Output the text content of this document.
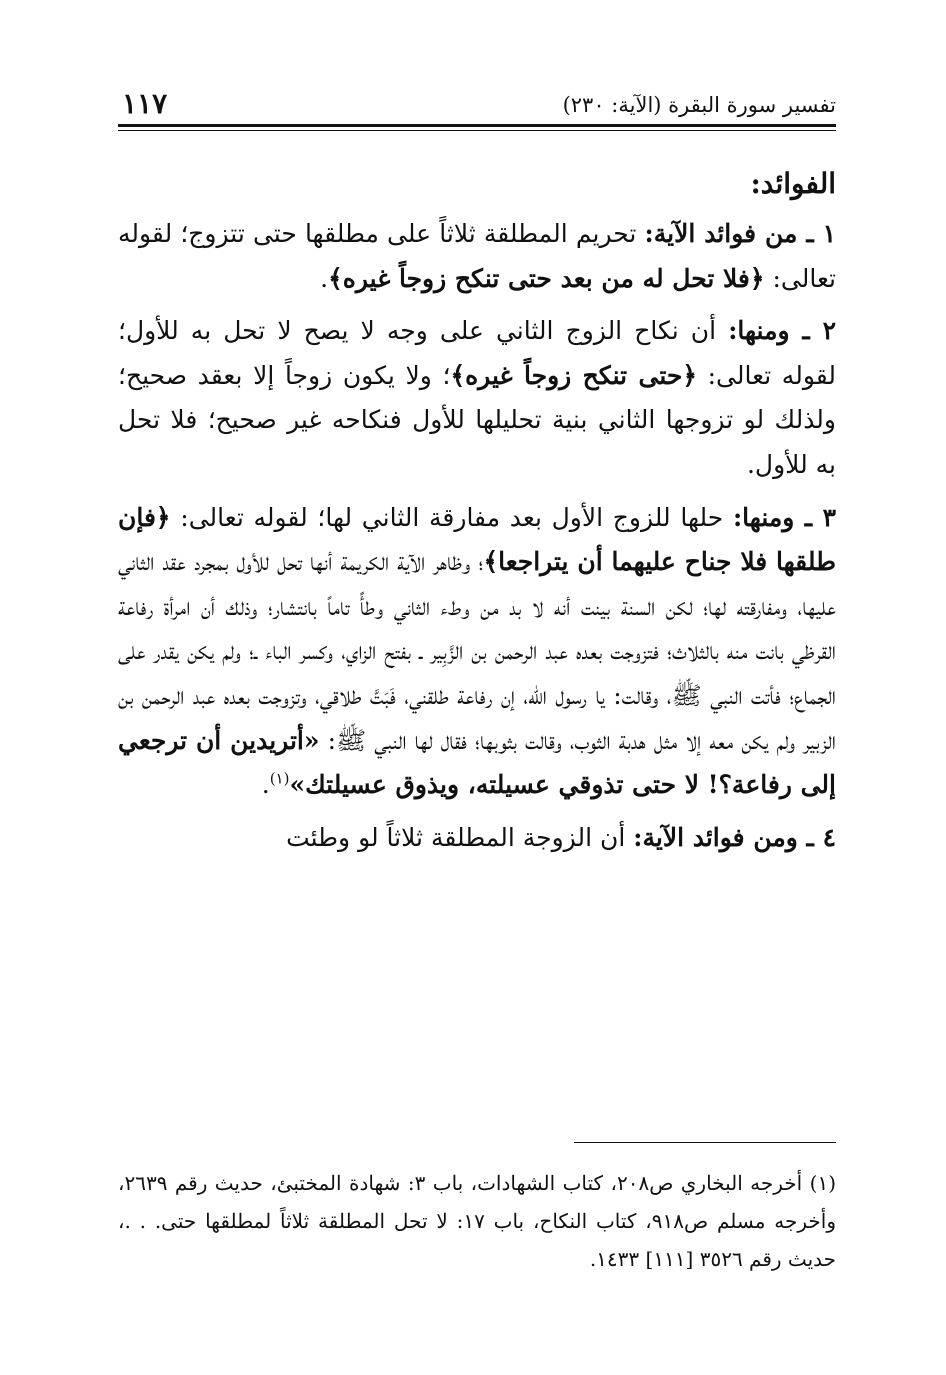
تفسير سورة البقرة (الآية: ٢٣٠)
١١٧
الفوائد:

١ ـ من فوائد الآية: تحريم المطلقة ثلاثاً على مطلقها حتى تتزوج؛ لقوله تعالى: ﴿فلا تحل له من بعد حتى تنكح زوجاً غيره﴾.

٢ ـ ومنها: أن نكاح الزوج الثاني على وجه لا يصح لا تحل به للأول؛ لقوله تعالى: ﴿حتى تنكح زوجاً غيره﴾؛ ولا يكون زوجاً إلا بعقد صحيح؛ ولذلك لو تزوجها الثاني بنية تحليلها للأول فنكاحه غير صحيح؛ فلا تحل به للأول.

٣ ـ ومنها: حلها للزوج الأول بعد مفارقة الثاني لها؛ لقوله تعالى: ﴿فإن طلقها فلا جناح عليهما أن يتراجعا﴾؛ وظاهر الآية الكريمة أنها تحل للأول بمجرد عقد الثاني عليها، ومفارقته لها؛ لكن السنة بينت أنه لا بد من وطء الثاني وطأً تاماً بانتشار؛ وذلك أن امرأة رفاعة القرظي بانت منه بالثلاث؛ فتزوجت بعده عبد الرحمن بن الزَّبِير ـ بفتح الزاي، وكسر الباء ـ؛ ولم يكن يقدر على الجماع؛ فأتت النبي ﷺ، وقالت: يا رسول الله، إن رفاعة طلقني، فَبَتَّ طلاقي، وتزوجت بعده عبد الرحمن بن الزبير ولم يكن معه إلا مثل هدبة الثوب، وقالت بثوبها؛ فقال لها النبي ﷺ: «أتريدين أن ترجعي إلى رفاعة؟! لا حتى تذوقي عسيلته، ويذوق عسيلتك»$^{(١)}$.

٤ ـ ومن فوائد الآية: أن الزوجة المطلقة ثلاثاً لو وطئت

(١) أخرجه البخاري ص٢٠٨، كتاب الشهادات، باب ٣: شهادة المختبئ، حديث رقم ٢٦٣٩، وأخرجه مسلم ص٩١٨، كتاب النكاح، باب ١٧: لا تحل المطلقة ثلاثاً لمطلقها حتى. . .، حديث رقم ٣٥٢٦ [١١١] ١٤٣٣.
